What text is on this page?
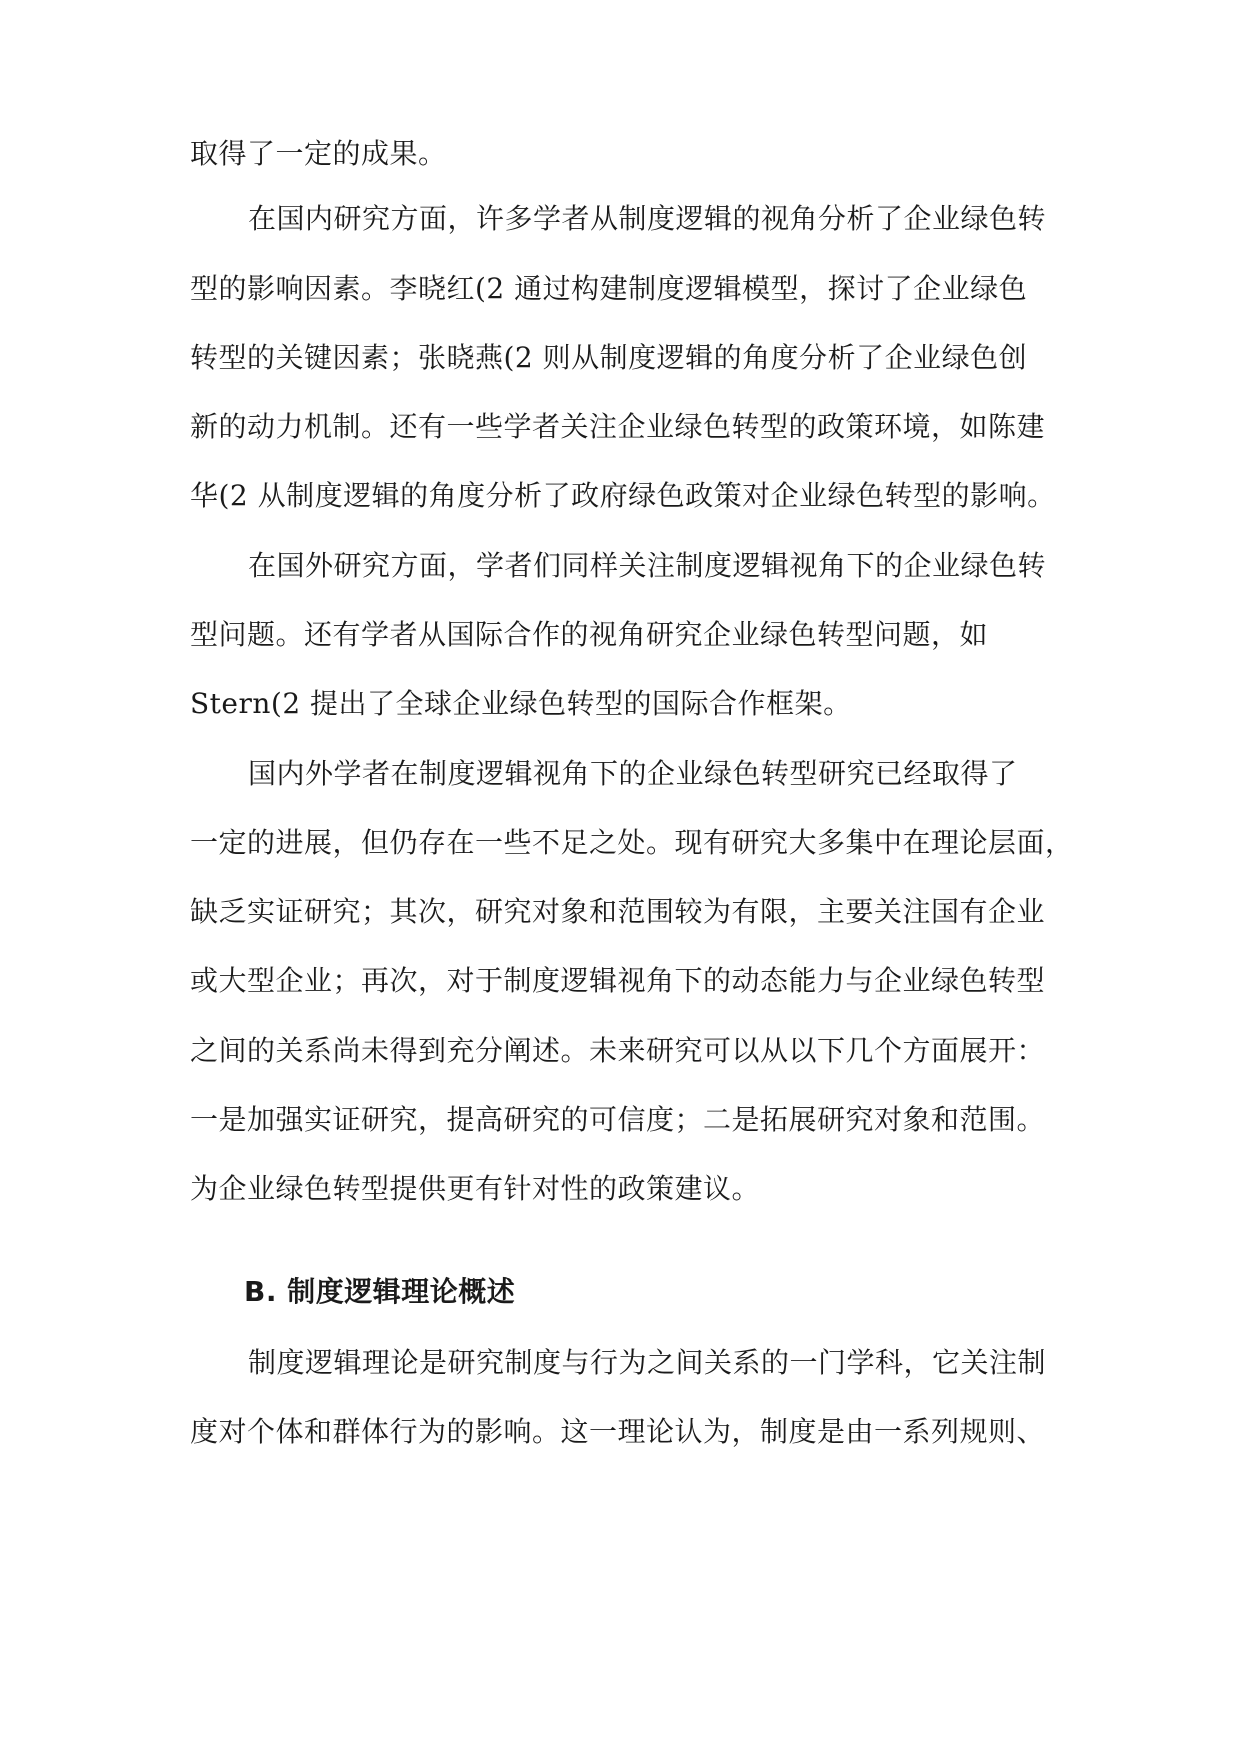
取得了一定的成果。
在国内研究方面，许多学者从制度逻辑的视角分析了企业绿色转
型的影响因素。李晓红(2 通过构建制度逻辑模型，探讨了企业绿色
转型的关键因素；张晓燕(2 则从制度逻辑的角度分析了企业绿色创
新的动力机制。还有一些学者关注企业绿色转型的政策环境，如陈建
华(2 从制度逻辑的角度分析了政府绿色政策对企业绿色转型的影响。
在国外研究方面，学者们同样关注制度逻辑视角下的企业绿色转
型问题。还有学者从国际合作的视角研究企业绿色转型问题，如
Stern(2 提出了全球企业绿色转型的国际合作框架。
国内外学者在制度逻辑视角下的企业绿色转型研究已经取得了
一定的进展，但仍存在一些不足之处。现有研究大多集中在理论层面，
缺乏实证研究；其次，研究对象和范围较为有限，主要关注国有企业
或大型企业；再次，对于制度逻辑视角下的动态能力与企业绿色转型
之间的关系尚未得到充分阐述。未来研究可以从以下几个方面展开：
一是加强实证研究，提高研究的可信度；二是拓展研究对象和范围。
为企业绿色转型提供更有针对性的政策建议。
B. 制度逻辑理论概述
制度逻辑理论是研究制度与行为之间关系的一门学科，它关注制
度对个体和群体行为的影响。这一理论认为，制度是由一系列规则、
